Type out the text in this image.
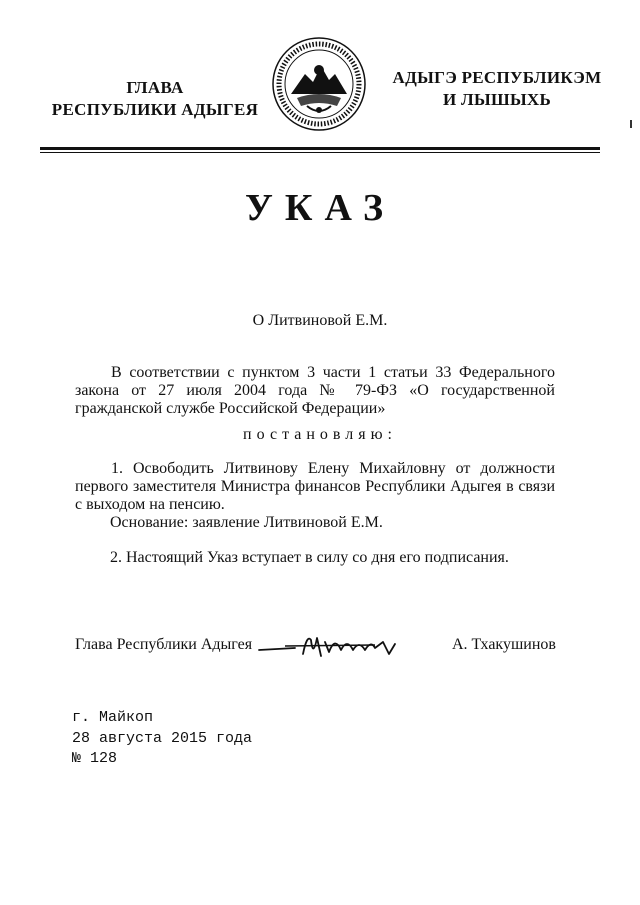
ГЛАВА
РЕСПУБЛИКИ АДЫГЕЯ
АДЫГЭ РЕСПУБЛИКЭМ
И ЛЫШЫХЬ
УКАЗ
О Литвиновой Е.М.
В соответствии с пунктом 3 части 1 статьи 33 Федерального закона от 27 июля 2004 года № 79-ФЗ «О государственной гражданской службе Российской Федерации»
постановляю:
1. Освободить Литвинову Елену Михайловну от должности первого заместителя Министра финансов Республики Адыгея в связи с выходом на пенсию.
Основание: заявление Литвиновой Е.М.
2. Настоящий Указ вступает в силу со дня его подписания.
Глава Республики Адыгея	А. Тхакушинов
г. Майкоп
28 августа 2015 года
№ 128
